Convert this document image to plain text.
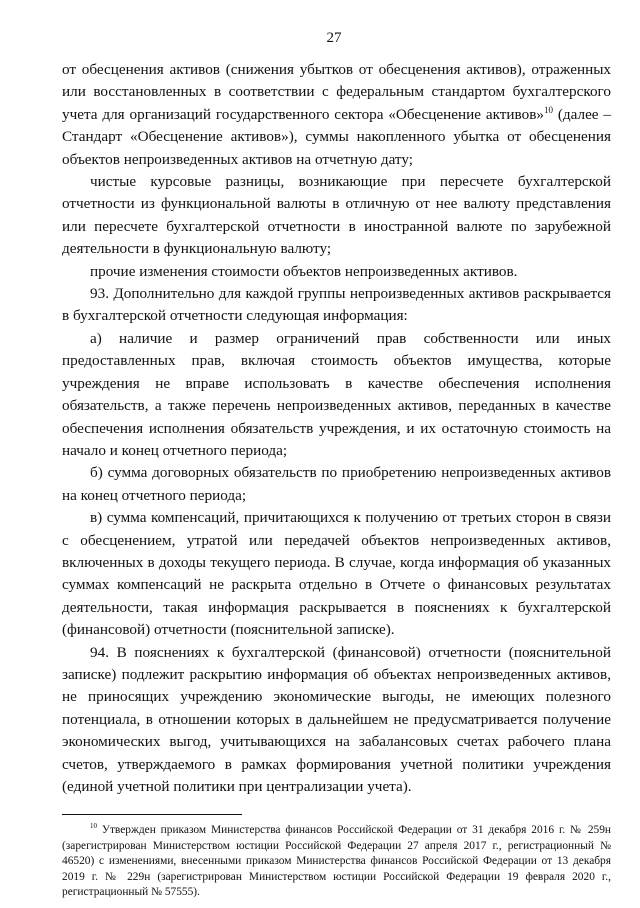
27

от обесценения активов (снижения убытков от обесценения активов), отраженных или восстановленных в соответствии с федеральным стандартом бухгалтерского учета для организаций государственного сектора «Обесценение активов»$^{10}$ (далее – Стандарт «Обесценение активов»), суммы накопленного убытка от обесценения объектов непроизведенных активов на отчетную дату;

чистые курсовые разницы, возникающие при пересчете бухгалтерской отчетности из функциональной валюты в отличную от нее валюту представления или пересчете бухгалтерской отчетности в иностранной валюте по зарубежной деятельности в функциональную валюту;

прочие изменения стоимости объектов непроизведенных активов.

93. Дополнительно для каждой группы непроизведенных активов раскрывается в бухгалтерской отчетности следующая информация:

а) наличие и размер ограничений прав собственности или иных предоставленных прав, включая стоимость объектов имущества, которые учреждения не вправе использовать в качестве обеспечения исполнения обязательств, а также перечень непроизведенных активов, переданных в качестве обеспечения исполнения обязательств учреждения, и их остаточную стоимость на начало и конец отчетного периода;

б) сумма договорных обязательств по приобретению непроизведенных активов на конец отчетного периода;

в) сумма компенсаций, причитающихся к получению от третьих сторон в связи с обесценением, утратой или передачей объектов непроизведенных активов, включенных в доходы текущего периода. В случае, когда информация об указанных суммах компенсаций не раскрыта отдельно в Отчете о финансовых результатах деятельности, такая информация раскрывается в пояснениях к бухгалтерской (финансовой) отчетности (пояснительной записке).

94. В пояснениях к бухгалтерской (финансовой) отчетности (пояснительной записке) подлежит раскрытию информация об объектах непроизведенных активов, не приносящих учреждению экономические выгоды, не имеющих полезного потенциала, в отношении которых в дальнейшем не предусматривается получение экономических выгод, учитывающихся на забалансовых счетах рабочего плана счетов, утверждаемого в рамках формирования учетной политики учреждения (единой учетной политики при централизации учета).

$^{10}$ Утвержден приказом Министерства финансов Российской Федерации от 31 декабря 2016 г. № 259н (зарегистрирован Министерством юстиции Российской Федерации 27 апреля 2017 г., регистрационный № 46520) с изменениями, внесенными приказом Министерства финансов Российской Федерации от 13 декабря 2019 г. № 229н (зарегистрирован Министерством юстиции Российской Федерации 19 февраля 2020 г., регистрационный № 57555).
